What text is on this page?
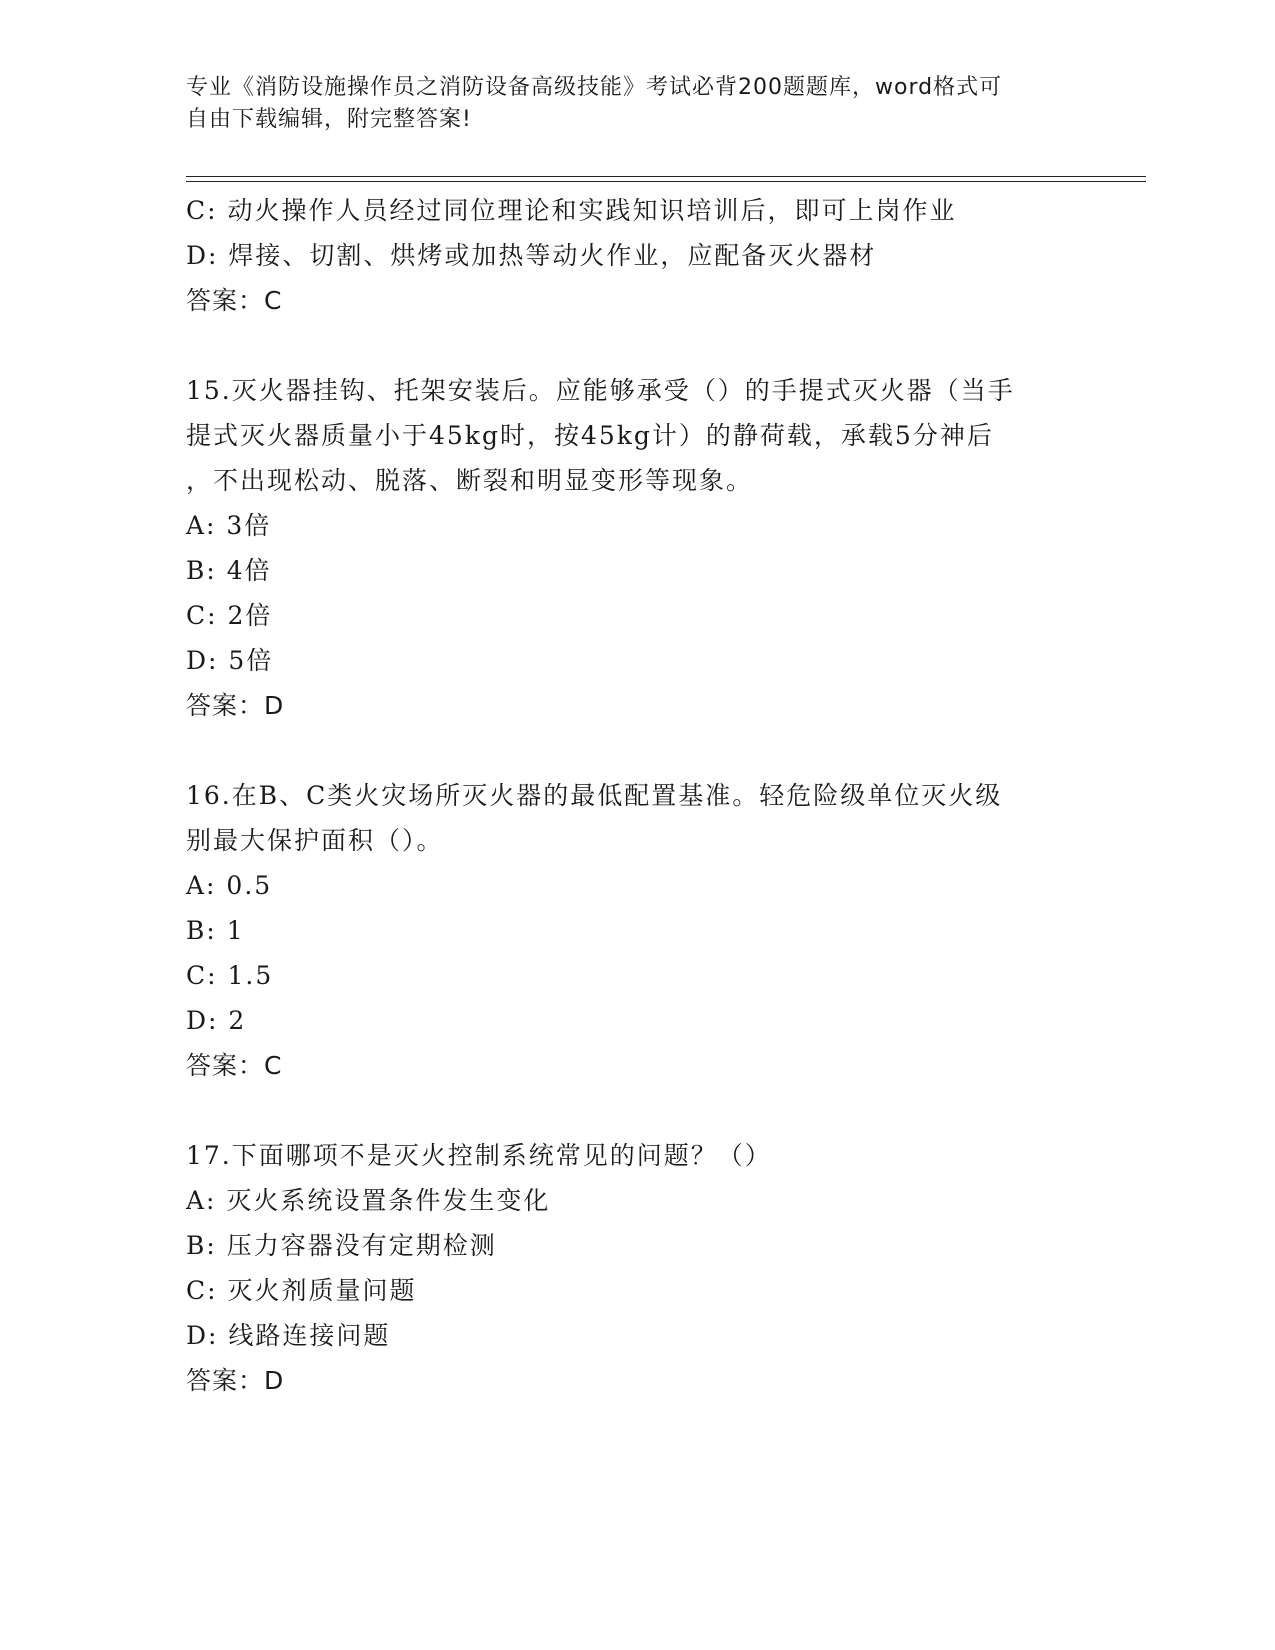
专业《消防设施操作员之消防设备高级技能》考试必背200题题库，word格式可
自由下载编辑，附完整答案!
C: 动火操作人员经过同位理论和实践知识培训后，即可上岗作业
D: 焊接、切割、烘烤或加热等动火作业，应配备灭火器材
答案：C
15.灭火器挂钩、托架安装后。应能够承受（）的手提式灭火器（当手
提式灭火器质量小于45kg时，按45kg计）的静荷载，承载5分神后
，不出现松动、脱落、断裂和明显变形等现象。
A: 3倍
B: 4倍
C: 2倍
D: 5倍
答案：D
16.在B、C类火灾场所灭火器的最低配置基准。轻危险级单位灭火级
别最大保护面积（）。
A: 0.5
B: 1
C: 1.5
D: 2
答案：C
17.下面哪项不是灭火控制系统常见的问题？（）
A: 灭火系统设置条件发生变化
B: 压力容器没有定期检测
C: 灭火剂质量问题
D: 线路连接问题
答案：D
